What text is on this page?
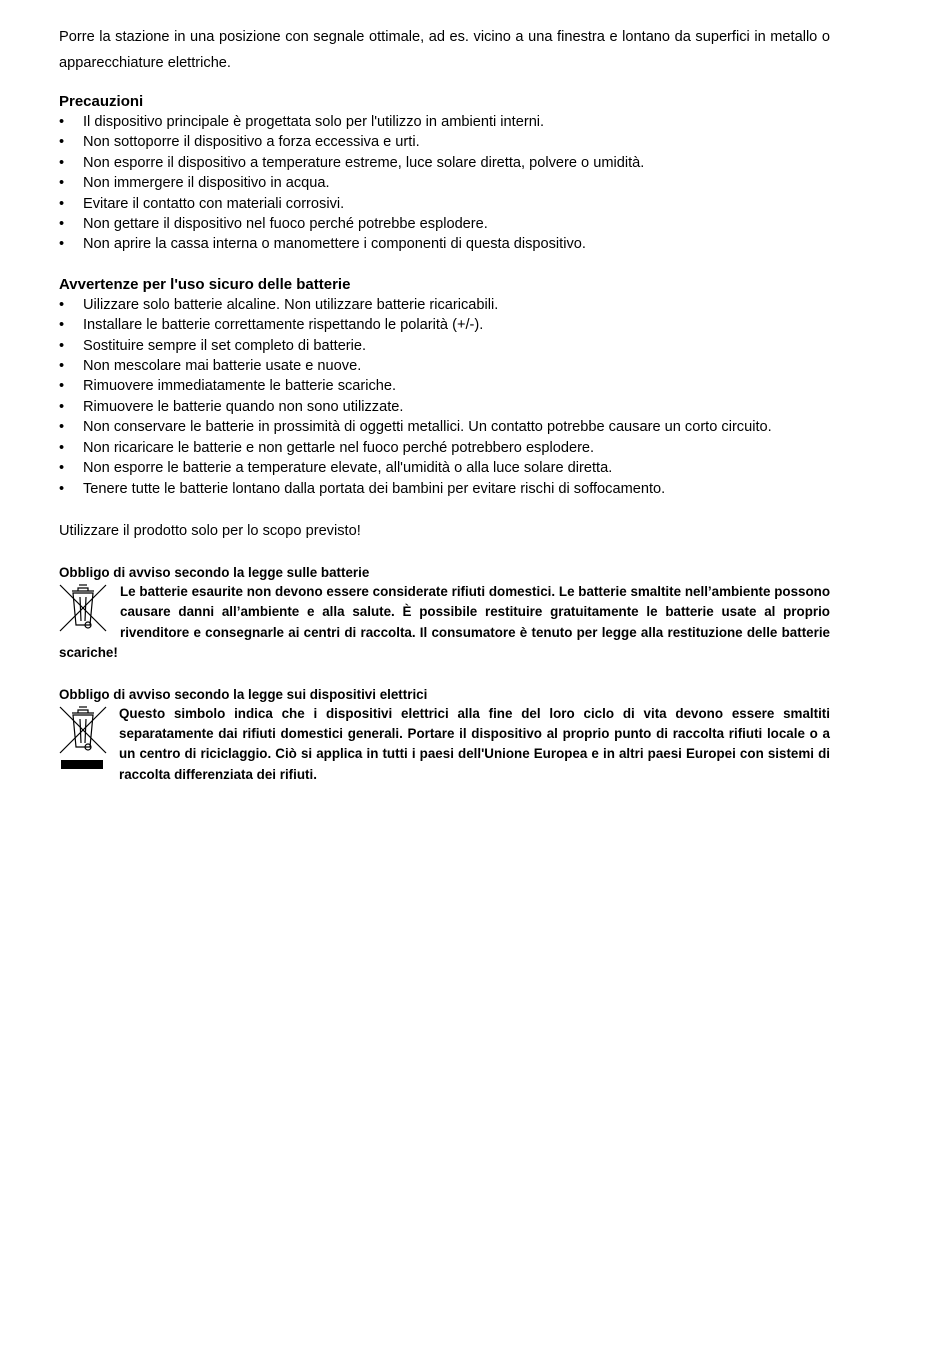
Porre la stazione in una posizione con segnale ottimale, ad es. vicino a una finestra e lontano da superfici in metallo o apparecchiature elettriche.

Precauzioni
• Il dispositivo principale è progettata solo per l'utilizzo in ambienti interni.
• Non sottoporre il dispositivo a forza eccessiva e urti.
• Non esporre il dispositivo a temperature estreme, luce solare diretta, polvere o umidità.
• Non immergere il dispositivo in acqua.
• Evitare il contatto con materiali corrosivi.
• Non gettare il dispositivo nel fuoco perché potrebbe esplodere.
• Non aprire la cassa interna o manomettere i componenti di questa dispositivo.
Avvertenze per l'uso sicuro delle batterie
• Uilizzare solo batterie alcaline. Non utilizzare batterie ricaricabili.
• Installare le batterie correttamente rispettando le polarità (+/-).
• Sostituire sempre il set completo di batterie.
• Non mescolare mai batterie usate e nuove.
• Rimuovere immediatamente le batterie scariche.
• Rimuovere le batterie quando non sono utilizzate.
• Non conservare le batterie in prossimità di oggetti metallici. Un contatto potrebbe causare un corto circuito.
• Non ricaricare le batterie e non gettarle nel fuoco perché potrebbero esplodere.
• Non esporre le batterie a temperature elevate, all'umidità o alla luce solare diretta.
• Tenere tutte le batterie lontano dalla portata dei bambini per evitare rischi di soffocamento.

Utilizzare il prodotto solo per lo scopo previsto!

Obbligo di avviso secondo la legge sulle batterie

Le batterie esaurite non devono essere considerate rifiuti domestici. Le batterie smaltite nell’ambiente possono causare danni all’ambiente e alla salute. È possibile restituire gratuitamente le batterie usate al proprio rivenditore e consegnarle ai centri di raccolta. Il consumatore è tenuto per legge alla restituzione delle batterie scariche!

Obbligo di avviso secondo la legge sui dispositivi elettrici

Questo simbolo indica che i dispositivi elettrici alla fine del loro ciclo di vita devono essere smaltiti separatamente dai rifiuti domestici generali. Portare il dispositivo al proprio punto di raccolta rifiuti locale o a un centro di riciclaggio. Ciò si applica in tutti i paesi dell'Unione Europea e in altri paesi Europei con sistemi di raccolta differenziata dei rifiuti.
